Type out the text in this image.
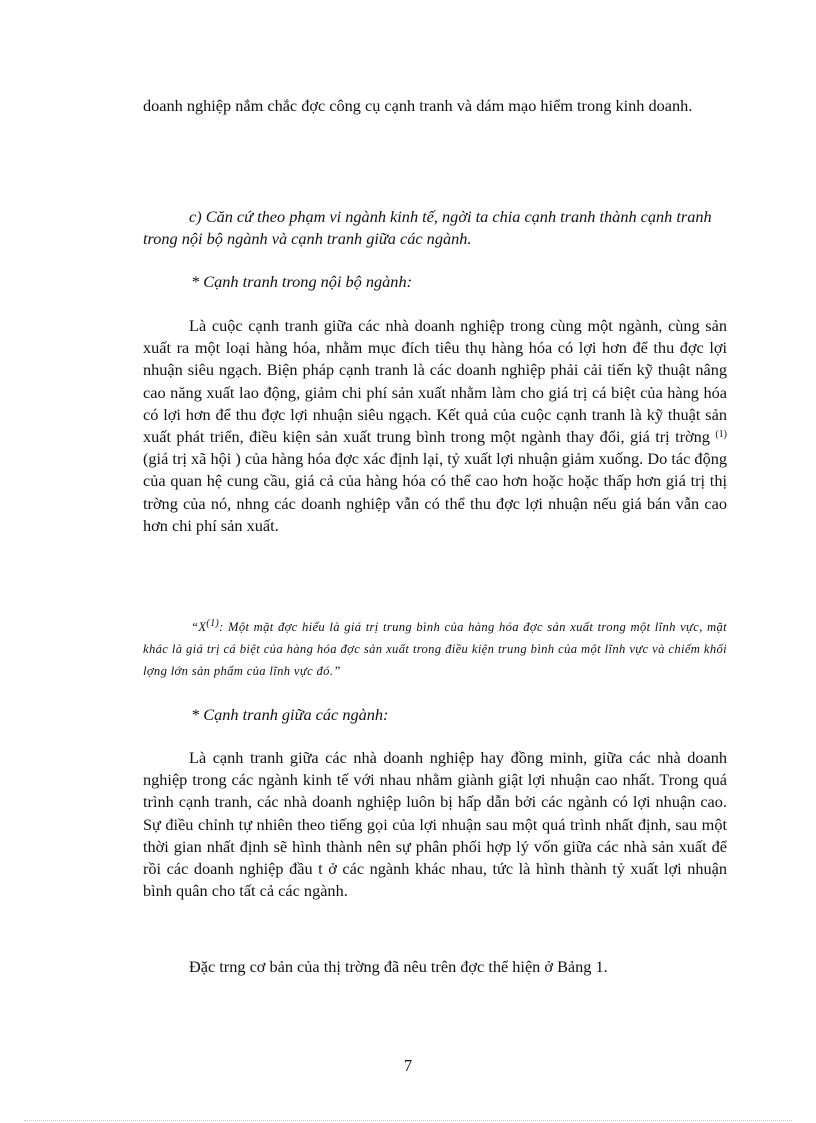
doanh nghiệp nắm chắc đợc công cụ cạnh tranh và dám mạo hiểm trong kinh doanh.

c) Căn cứ theo phạm vi ngành kinh tế, ngời ta chia cạnh tranh thành cạnh tranh trong nội bộ ngành và cạnh tranh giữa các ngành.

* Cạnh tranh trong nội bộ ngành:

Là cuộc cạnh tranh giữa các nhà doanh nghiệp trong cùng một ngành, cùng sản xuất ra một loại hàng hóa, nhằm mục đích tiêu thụ hàng hóa có lợi hơn để thu đợc lợi nhuận siêu ngạch. Biện pháp cạnh tranh là các doanh nghiệp phải cải tiến kỹ thuật nâng cao năng xuất lao động, giảm chi phí sản xuất nhằm làm cho giá trị cá biệt của hàng hóa có lợi hơn để thu đợc lợi nhuận siêu ngạch. Kết quả của cuộc cạnh tranh là kỹ thuật sản xuất phát triển, điều kiện sản xuất trung bình trong một ngành thay đổi, giá trị trờng $^{(1)}$ (giá trị xã hội ) của hàng hóa đợc xác định lại, tỷ xuất lợi nhuận giảm xuống. Do tác động của quan hệ cung cầu, giá cả của hàng hóa có thể cao hơn hoặc hoặc thấp hơn giá trị thị trờng của nó, nhng các doanh nghiệp vẫn có thể thu đợc lợi nhuận nếu giá bán vẫn cao hơn chi phí sản xuất.

“$X^{(1)}$: Một mặt đợc hiểu là giá trị trung bình của hàng hóa đợc sản xuất trong một lĩnh vực, mặt khác là giá trị cá biệt của hàng hóa đợc sản xuất trong điều kiện trung bình của một lĩnh vực và chiếm khối lợng lớn sản phẩm của lĩnh vực đó.”

* Cạnh tranh giữa các ngành:

Là cạnh tranh giữa các nhà doanh nghiệp hay đồng minh, giữa các nhà doanh nghiệp trong các ngành kinh tế với nhau nhằm giành giật lợi nhuận cao nhất. Trong quá trình cạnh tranh, các nhà doanh nghiệp luôn bị hấp dẫn bởi các ngành có lợi nhuận cao. Sự điều chỉnh tự nhiên theo tiếng gọi của lợi nhuận sau một quá trình nhất định, sau một thời gian nhất định sẽ hình thành nên sự phân phối hợp lý vốn giữa các nhà sản xuất để rồi các doanh nghiệp đầu t ở các ngành khác nhau, tức là hình thành tỷ xuất lợi nhuận bình quân cho tất cả các ngành.

Đặc trng cơ bản của thị trờng đã nêu trên đợc thể hiện ở Bảng 1.

7
